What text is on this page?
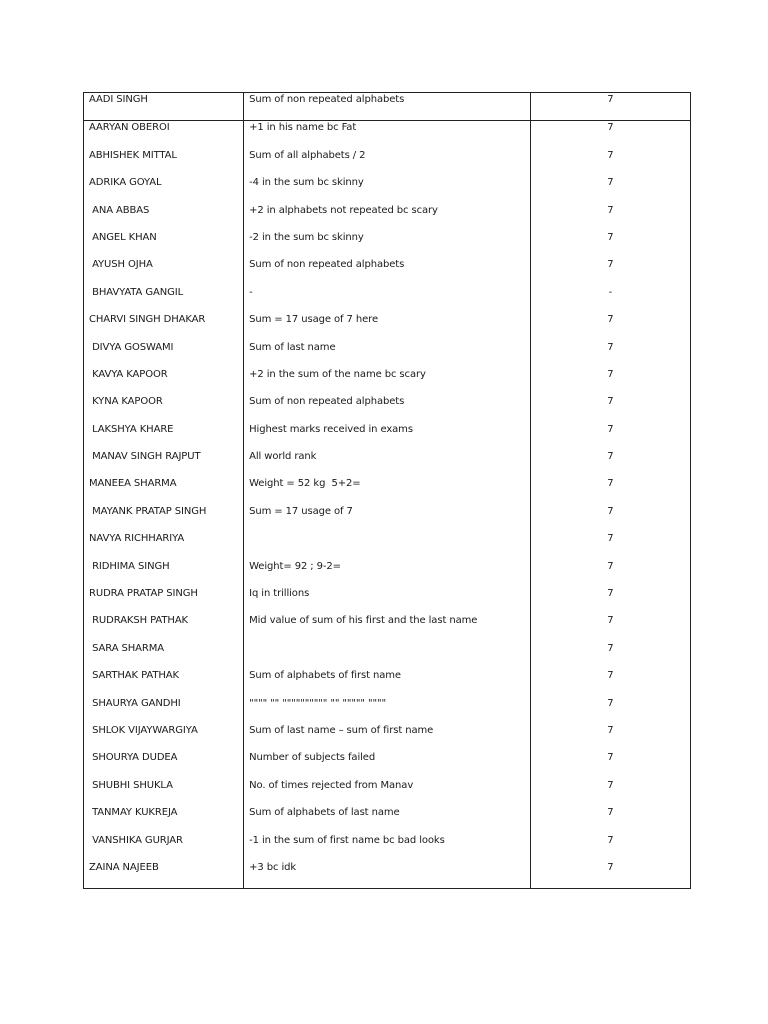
AADI SINGH	Sum of non repeated alphabets	7
AARYAN OBEROI	+1 in his name bc Fat	7
ABHISHEK MITTAL	Sum of all alphabets / 2	7
ADRIKA GOYAL	-4 in the sum bc skinny	7
ANA ABBAS	+2 in alphabets not repeated bc scary	7
ANGEL KHAN	-2 in the sum bc skinny	7
AYUSH OJHA	Sum of non repeated alphabets	7
BHAVYATA GANGIL	-	-
CHARVI SINGH DHAKAR	Sum = 17 usage of 7 here	7
DIVYA GOSWAMI	Sum of last name	7
KAVYA KAPOOR	+2 in the sum of the name bc scary	7
KYNA KAPOOR	Sum of non repeated alphabets	7
LAKSHYA KHARE	Highest marks received in exams	7
MANAV SINGH RAJPUT	All world rank	7
MANEEA SHARMA	Weight = 52 kg  5+2=	7
MAYANK PRATAP SINGH	Sum = 17 usage of 7	7
NAVYA RICHHARIYA		7
RIDHIMA SINGH	Weight= 92 ; 9-2=	7
RUDRA PRATAP SINGH	Iq in trillions	7
RUDRAKSH PATHAK	Mid value of sum of his first and the last name	7
SARA SHARMA		7
SARTHAK PATHAK	Sum of alphabets of first name	7
SHAURYA GANDHI	"""" "" """""""""" "" """"" """"	7
SHLOK VIJAYWARGIYA	Sum of last name – sum of first name	7
SHOURYA DUDEA	Number of subjects failed	7
SHUBHI SHUKLA	No. of times rejected from Manav	7
TANMAY KUKREJA	Sum of alphabets of last name	7
VANSHIKA GURJAR	-1 in the sum of first name bc bad looks	7
ZAINA NAJEEB	+3 bc idk	7
